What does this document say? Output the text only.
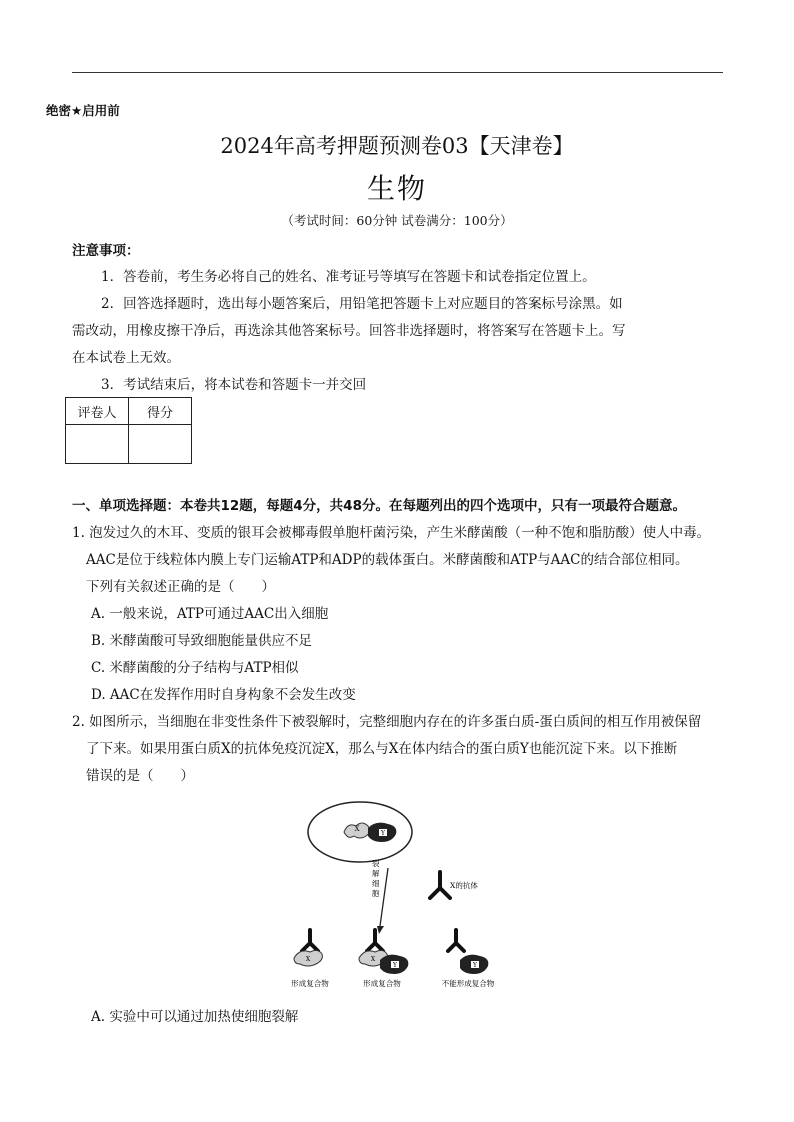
绝密★启用前
2024年高考押题预测卷03【天津卷】
生物
（考试时间：60分钟 试卷满分：100分）
注意事项：
1．答卷前，考生务必将自己的姓名、准考证号等填写在答题卡和试卷指定位置上。
2．回答选择题时，选出每小题答案后，用铅笔把答题卡上对应题目的答案标号涂黑。如
需改动，用橡皮擦干净后，再选涂其他答案标号。回答非选择题时，将答案写在答题卡上。写
在本试卷上无效。
3．考试结束后，将本试卷和答题卡一并交回
评卷人	得分

一、单项选择题：本卷共12题，每题4分，共48分。在每题列出的四个选项中，只有一项最符合题意。
1. 泡发过久的木耳、变质的银耳会被椰毒假单胞杆菌污染，产生米酵菌酸（一种不饱和脂肪酸）使人中毒。
AAC是位于线粒体内膜上专门运输ATP和ADP的载体蛋白。米酵菌酸和ATP与AAC的结合部位相同。
下列有关叙述正确的是（　　）
A. 一般来说，ATP可通过AAC出入细胞
B. 米酵菌酸可导致细胞能量供应不足
C. 米酵菌酸的分子结构与ATP相似
D. AAC在发挥作用时自身构象不会发生改变
2. 如图所示，当细胞在非变性条件下被裂解时，完整细胞内存在的许多蛋白质-蛋白质间的相互作用被保留
了下来。如果用蛋白质X的抗体免疫沉淀X，那么与X在体内结合的蛋白质Y也能沉淀下来。以下推断
错误的是（　　）
X
Y
裂 解 细 胞
X的抗体
X	X
Y	Y
形成复合物	形成复合物	不能形成复合物
A. 实验中可以通过加热使细胞裂解
